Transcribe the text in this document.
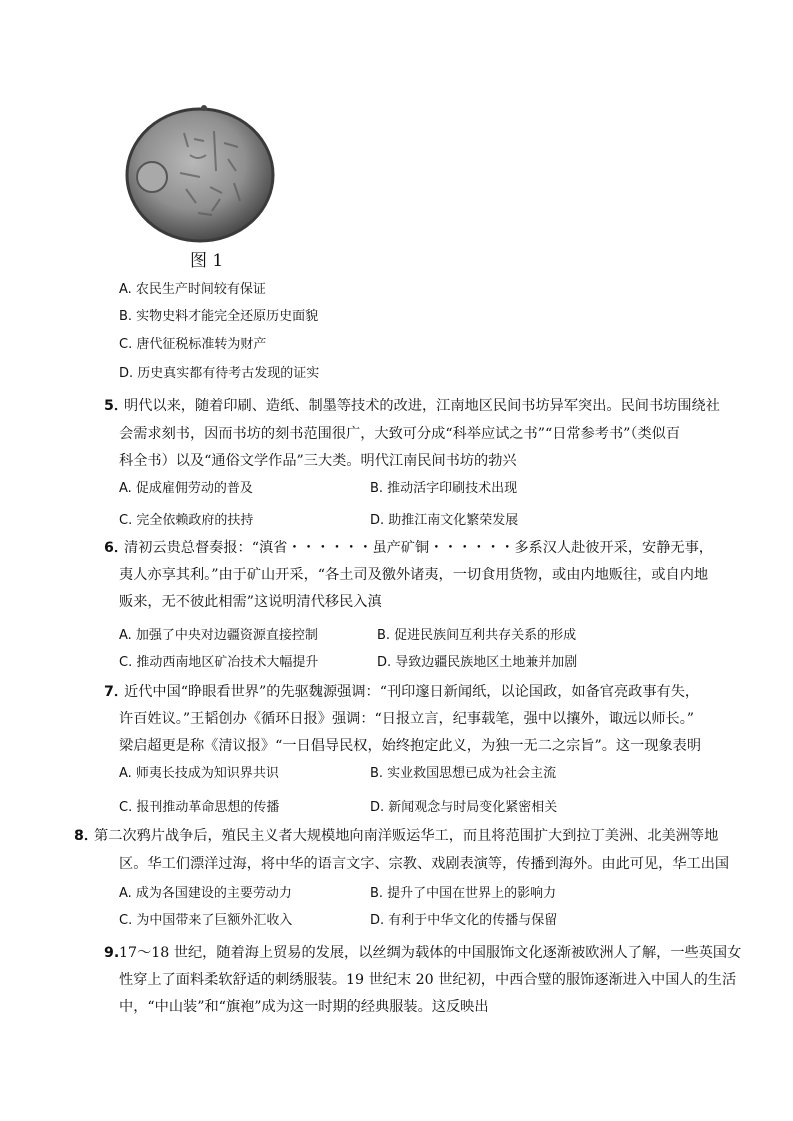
图 1
A. 农民生产时间较有保证
B. 实物史料才能完全还原历史面貌
C. 唐代征税标准转为财产
D. 历史真实都有待考古发现的证实
5．
明代以来，随着印刷、造纸、制墨等技术的改进，江南地区民间书坊异军突出。民间书坊围绕社
会需求刻书，因而书坊的刻书范围很广，大致可分成“科举应试之书”“日常参考书”（类似百
科全书）以及“通俗文学作品”三大类。明代江南民间书坊的勃兴
A. 促成雇佣劳动的普及	B. 推动活字印刷技术出现
C. 完全依赖政府的扶持	D. 助推江南文化繁荣发展
6．
清初云贵总督奏报：“滇省・・・・・・虽产矿铜・・・・・・多系汉人赴彼开采，安静无事，
夷人亦享其利。”由于矿山开采，“各土司及徼外诸夷，一切食用货物，或由内地贩往，或自内地
贩来，无不彼此相需”这说明清代移民入滇
A. 加强了中央对边疆资源直接控制	B. 促进民族间互利共存关系的形成
C. 推动西南地区矿冶技术大幅提升	D. 导致边疆民族地区土地兼并加剧
7．
近代中国“睁眼看世界”的先驱魏源强调：“刊印邃日新闻纸，以论国政，如备官亮政事有失，
许百姓议。”王韬创办《循环日报》强调：“日报立言，纪事载笔，强中以攘外，诹远以师长。”
梁启超更是称《清议报》“一日倡导民权，始终抱定此义，为独一无二之宗旨”。这一现象表明
A. 师夷长技成为知识界共识	B. 实业救国思想已成为社会主流
C. 报刊推动革命思想的传播	D. 新闻观念与时局变化紧密相关
8．
第二次鸦片战争后，殖民主义者大规模地向南洋贩运华工，而且将范围扩大到拉丁美洲、北美洲等地
区。华工们漂洋过海，将中华的语言文字、宗教、戏剧表演等，传播到海外。由此可见，华工出国
A. 成为各国建设的主要劳动力	B. 提升了中国在世界上的影响力
C. 为中国带来了巨额外汇收入	D. 有利于中华文化的传播与保留
9. 17～18 世纪，随着海上贸易的发展，以丝绸为载体的中国服饰文化逐渐被欧洲人了解，一些英国女
性穿上了面料柔软舒适的刺绣服装。19 世纪末 20 世纪初，中西合璧的服饰逐渐进入中国人的生活
中，“中山装”和“旗袍”成为这一时期的经典服装。这反映出
